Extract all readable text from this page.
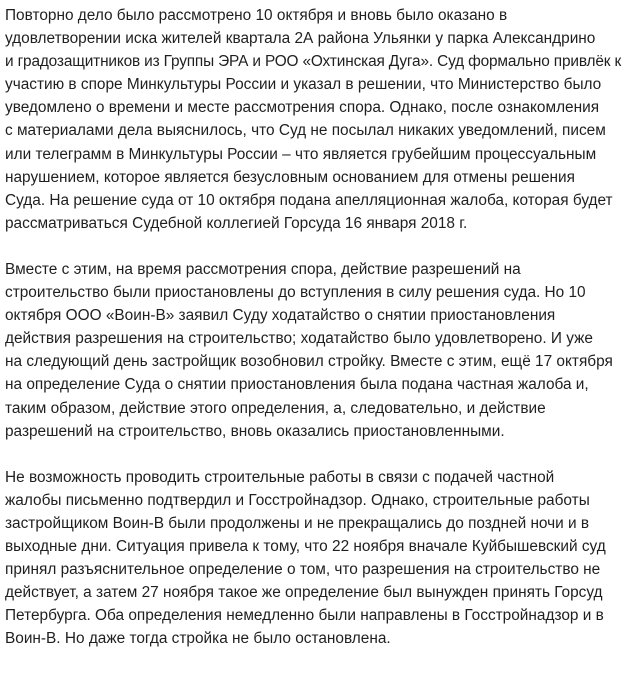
Повторно дело было рассмотрено 10 октября и вновь было оказано в
удовлетворении иска жителей квартала 2А района Ульянки у парка Александрино
и градозащитников из Группы ЭРА и РОО «Охтинская Дуга». Суд формально привлёк к
участию в споре Минкультуры России и указал в решении, что Министерство было
уведомлено о времени и месте рассмотрения спора. Однако, после ознакомления
с материалами дела выяснилось, что Суд не посылал никаких уведомлений, писем
или телеграмм в Минкультуры России – что является грубейшим процессуальным
нарушением, которое является безусловным основанием для отмены решения
Суда. На решение суда от 10 октября подана апелляционная жалоба, которая будет
рассматриваться Судебной коллегией Горсуда 16 января 2018 г.
Вместе с этим, на время рассмотрения спора, действие разрешений на
строительство были приостановлены до вступления в силу решения суда. Но 10
октября ООО «Воин-В» заявил Суду ходатайство о снятии приостановления
действия разрешения на строительство; ходатайство было удовлетворено. И уже
на следующий день застройщик возобновил стройку. Вместе с этим, ещё 17 октября
на определение Суда о снятии приостановления была подана частная жалоба и,
таким образом, действие этого определения, а, следовательно, и действие
разрешений на строительство, вновь оказались приостановленными.
Не возможность проводить строительные работы в связи с подачей частной
жалобы письменно подтвердил и Госстройнадзор. Однако, строительные работы
застройщиком Воин-В были продолжены и не прекращались до поздней ночи и в
выходные дни. Ситуация привела к тому, что 22 ноября вначале Куйбышевский суд
принял разъяснительное определение о том, что разрешения на строительство не
действует, а затем 27 ноября такое же определение был вынужден принять Горсуд
Петербурга. Оба определения немедленно были направлены в Госстройнадзор и в
Воин-В. Но даже тогда стройка не было остановлена.
